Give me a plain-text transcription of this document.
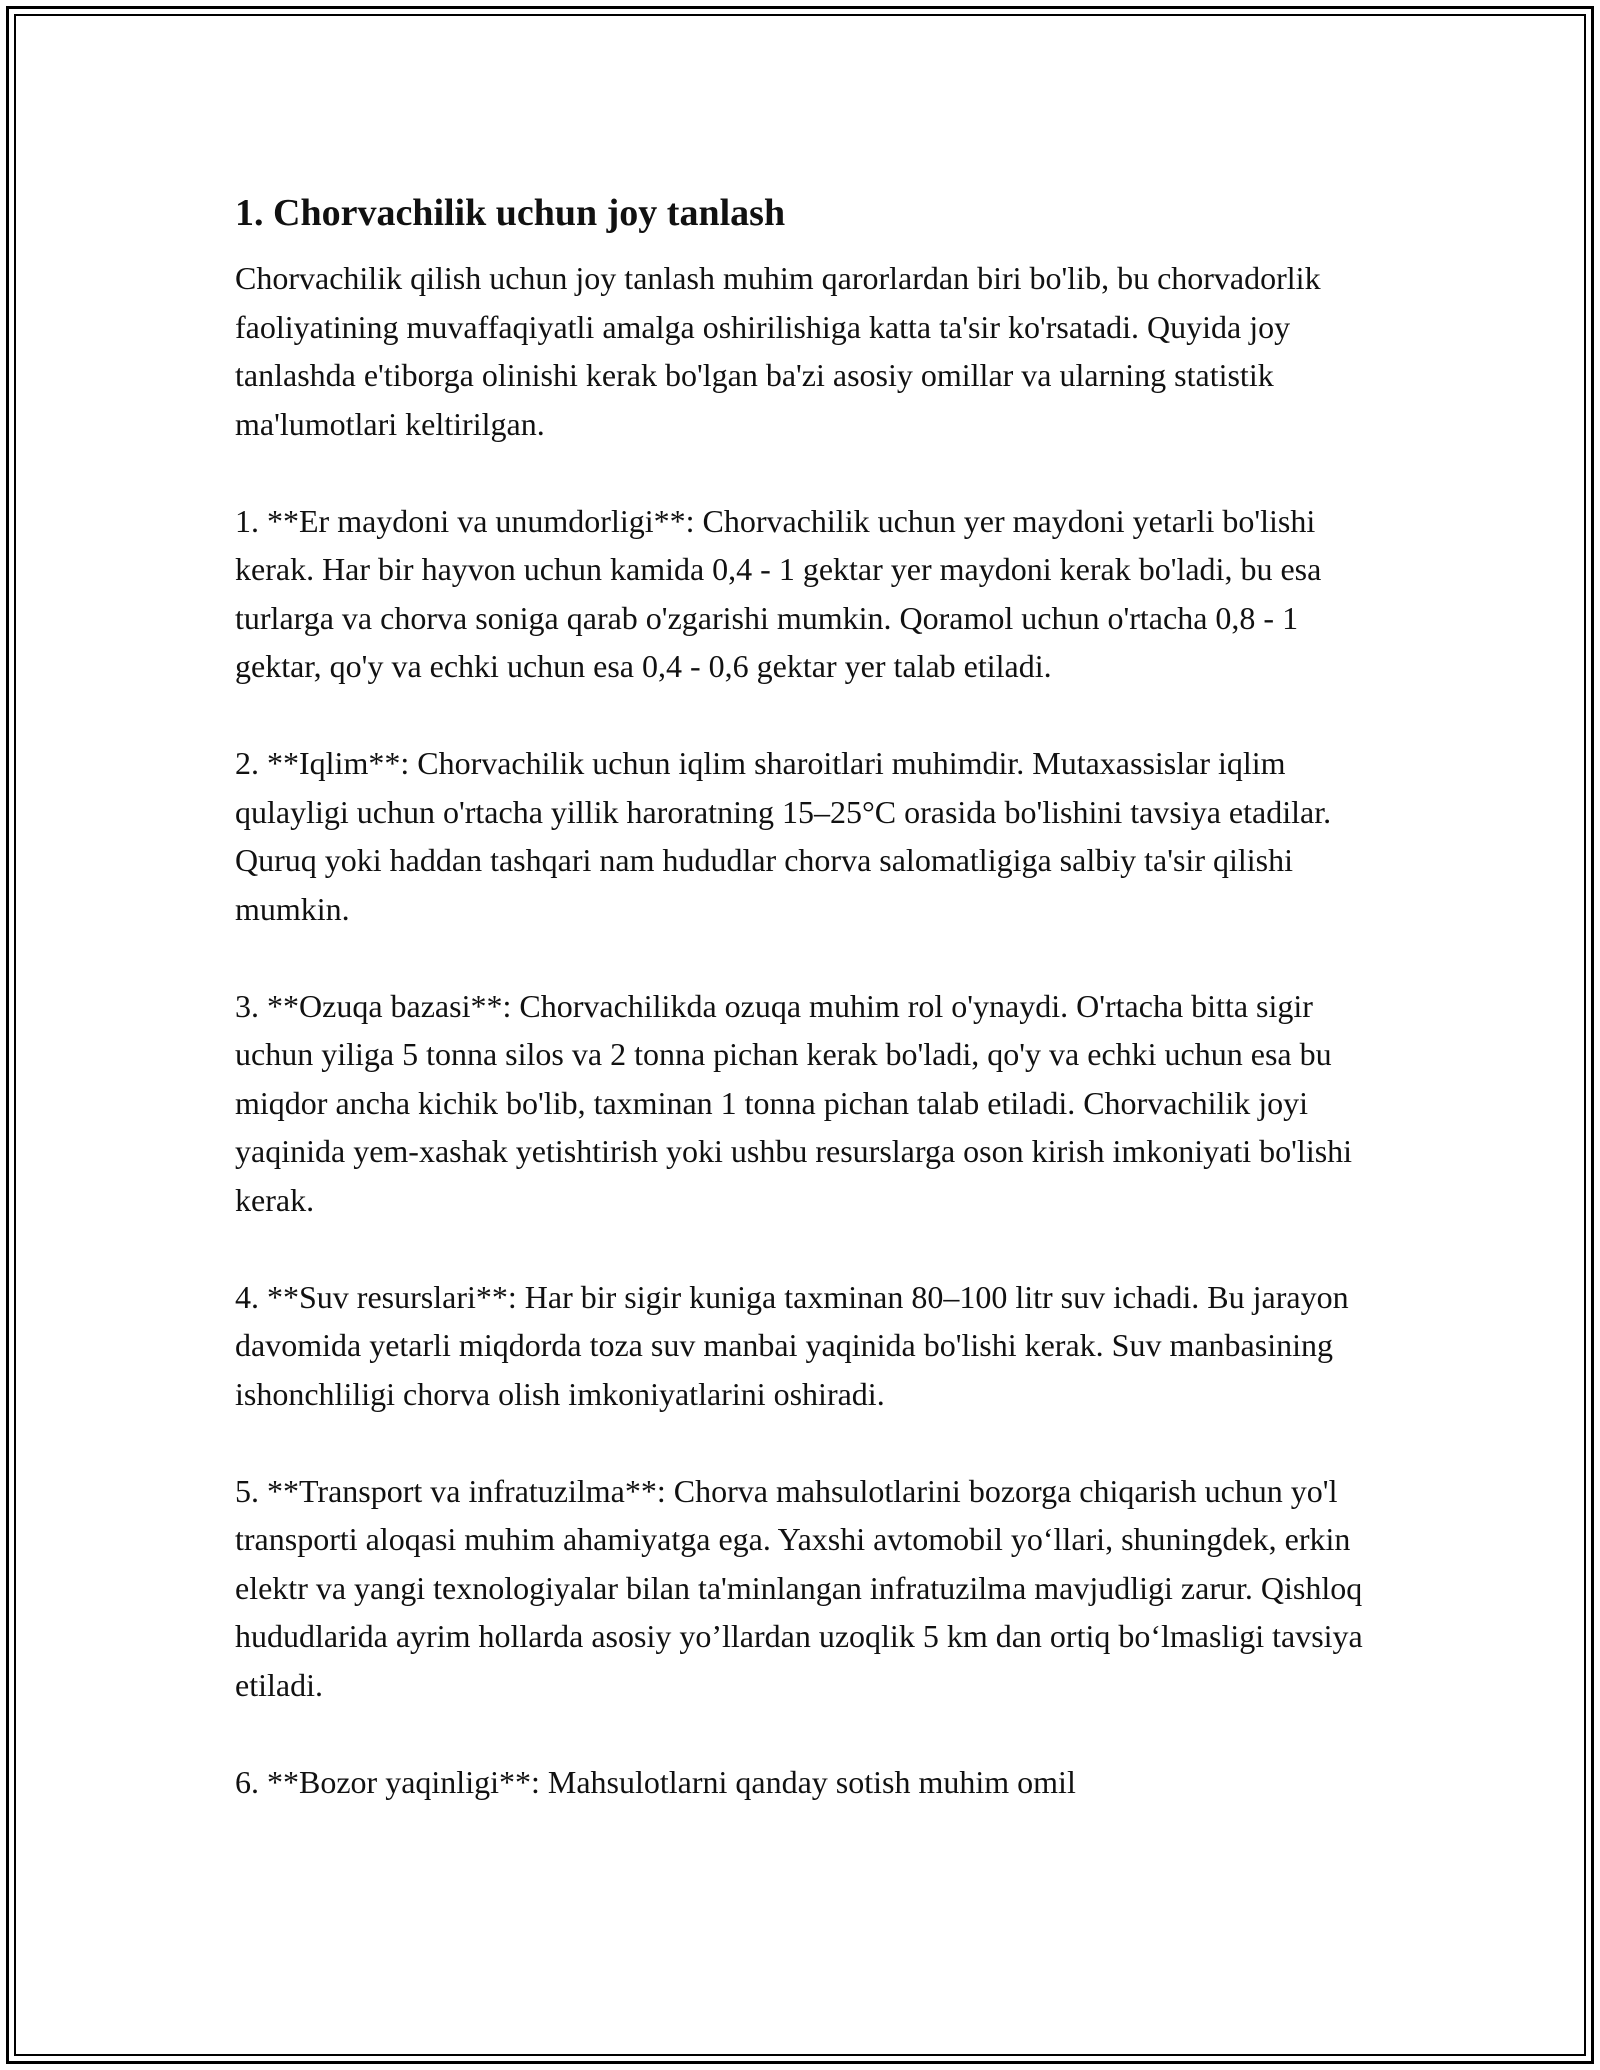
1. Chorvachilik uchun joy tanlash

Chorvachilik qilish uchun joy tanlash muhim qarorlardan biri bo'lib, bu chorvadorlik faoliyatining muvaffaqiyatli amalga oshirilishiga katta ta'sir ko'rsatadi. Quyida joy tanlashda e'tiborga olinishi kerak bo'lgan ba'zi asosiy omillar va ularning statistik ma'lumotlari keltirilgan.

1. **Er maydoni va unumdorligi**: Chorvachilik uchun yer maydoni yetarli bo'lishi kerak. Har bir hayvon uchun kamida 0,4 - 1 gektar yer maydoni kerak bo'ladi, bu esa turlarga va chorva soniga qarab o'zgarishi mumkin. Qoramol uchun o'rtacha 0,8 - 1 gektar, qo'y va echki uchun esa 0,4 - 0,6 gektar yer talab etiladi.

2. **Iqlim**: Chorvachilik uchun iqlim sharoitlari muhimdir. Mutaxassislar iqlim qulayligi uchun o'rtacha yillik haroratning 15–25°C orasida bo'lishini tavsiya etadilar. Quruq yoki haddan tashqari nam hududlar chorva salomatligiga salbiy ta'sir qilishi mumkin.

3. **Ozuqa bazasi**: Chorvachilikda ozuqa muhim rol o'ynaydi. O'rtacha bitta sigir uchun yiliga 5 tonna silos va 2 tonna pichan kerak bo'ladi, qo'y va echki uchun esa bu miqdor ancha kichik bo'lib, taxminan 1 tonna pichan talab etiladi. Chorvachilik joyi yaqinida yem-xashak yetishtirish yoki ushbu resurslarga oson kirish imkoniyati bo'lishi kerak.

4. **Suv resurslari**: Har bir sigir kuniga taxminan 80–100 litr suv ichadi. Bu jarayon davomida yetarli miqdorda toza suv manbai yaqinida bo'lishi kerak. Suv manbasining ishonchliligi chorva olish imkoniyatlarini oshiradi.

5. **Transport va infratuzilma**: Chorva mahsulotlarini bozorga chiqarish uchun yo'l transporti aloqasi muhim ahamiyatga ega. Yaxshi avtomobil yo‘llari, shuningdek, erkin elektr va yangi texnologiyalar bilan ta'minlangan infratuzilma mavjudligi zarur. Qishloq hududlarida ayrim hollarda asosiy yo’llardan uzoqlik 5 km dan ortiq bo‘lmasligi tavsiya etiladi.

6. **Bozor yaqinligi**: Mahsulotlarni qanday sotish muhim omil
